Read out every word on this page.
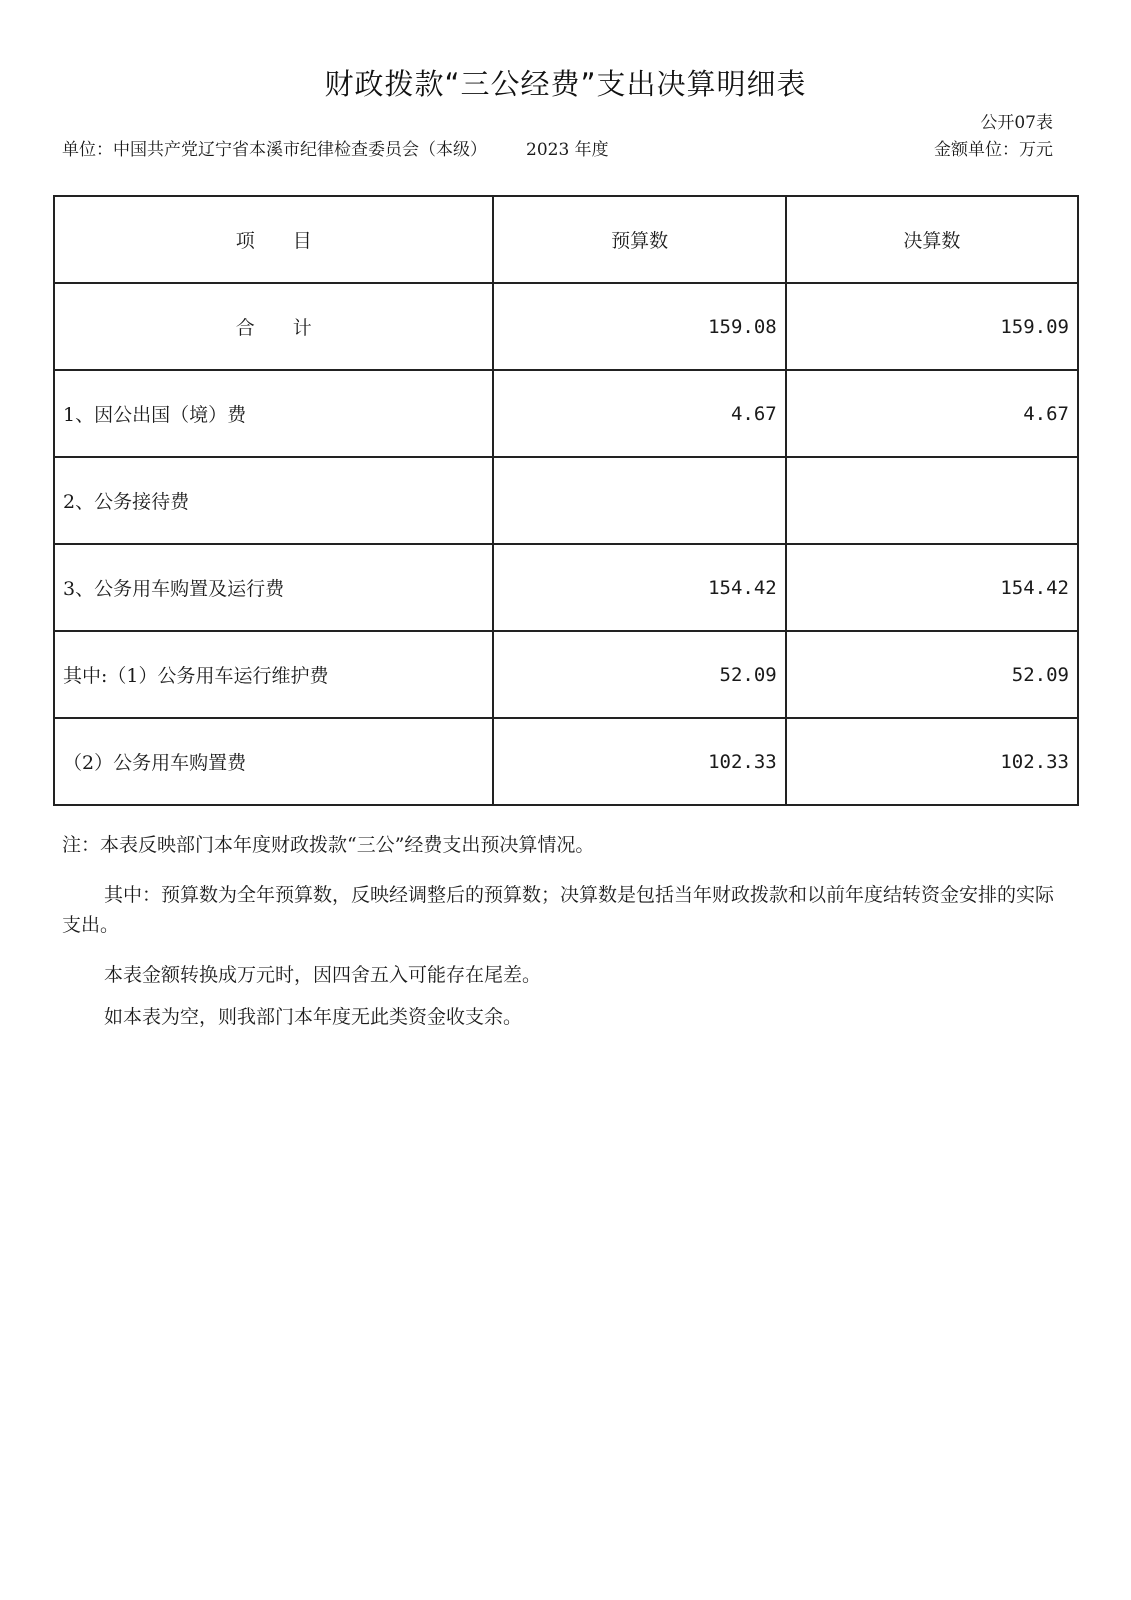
财政拨款“三公经费”支出决算明细表
公开07表
单位：中国共产党辽宁省本溪市纪律检查委员会（本级） 2023 年度	金额单位：万元
项　　目	预算数	决算数
合　　计	159.08	159.09
1、因公出国（境）费	4.67	4.67
2、公务接待费		
3、公务用车购置及运行费	154.42	154.42
其中:（1）公务用车运行维护费	52.09	52.09
（2）公务用车购置费	102.33	102.33

注：本表反映部门本年度财政拨款“三公”经费支出预决算情况。

其中：预算数为全年预算数，反映经调整后的预算数；决算数是包括当年财政拨款和以前年度结转资金安排的实际支出。

本表金额转换成万元时，因四舍五入可能存在尾差。

如本表为空，则我部门本年度无此类资金收支余。
